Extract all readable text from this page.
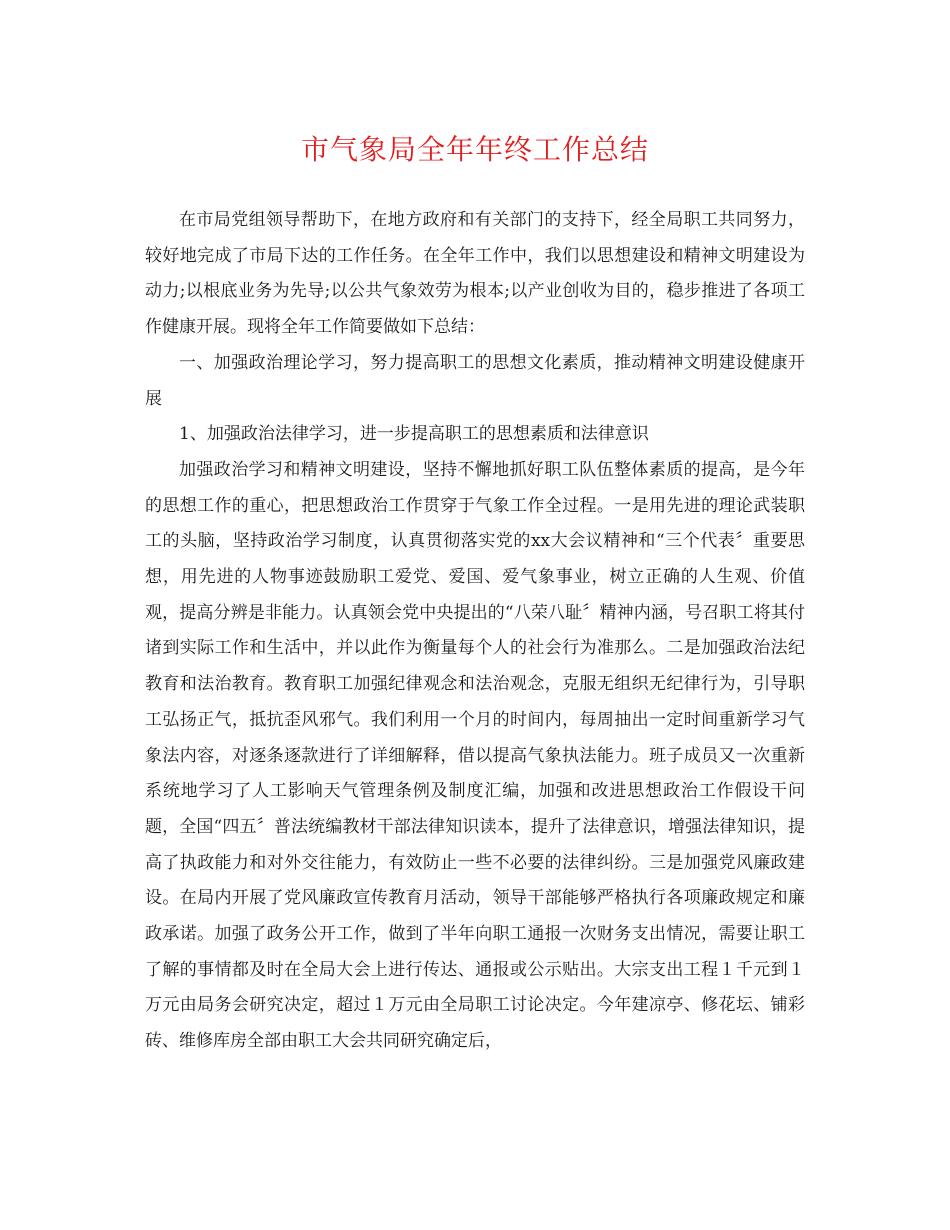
市气象局全年年终工作总结

在市局党组领导帮助下，在地方政府和有关部门的支持下，经全局职工共同努力，较好地完成了市局下达的工作任务。在全年工作中，我们以思想建设和精神文明建设为动力;以根底业务为先导;以公共气象效劳为根本;以产业创收为目的，稳步推进了各项工作健康开展。现将全年工作简要做如下总结：

一、加强政治理论学习，努力提高职工的思想文化素质，推动精神文明建设健康开展

1、加强政治法律学习，进一步提高职工的思想素质和法律意识

加强政治学习和精神文明建设，坚持不懈地抓好职工队伍整体素质的提高，是今年的思想工作的重心，把思想政治工作贯穿于气象工作全过程。一是用先进的理论武装职工的头脑，坚持政治学习制度，认真贯彻落实党的xx大会议精神和“三个代表〞重要思想，用先进的人物事迹鼓励职工爱党、爱国、爱气象事业，树立正确的人生观、价值观，提高分辨是非能力。认真领会党中央提出的“八荣八耻〞精神内涵，号召职工将其付诸到实际工作和生活中，并以此作为衡量每个人的社会行为准那么。二是加强政治法纪教育和法治教育。教育职工加强纪律观念和法治观念，克服无组织无纪律行为，引导职工弘扬正气，抵抗歪风邪气。我们利用一个月的时间内，每周抽出一定时间重新学习气象法内容，对逐条逐款进行了详细解释，借以提高气象执法能力。班子成员又一次重新系统地学习了人工影响天气管理条例及制度汇编，加强和改进思想政治工作假设干问题，全国“四五〞普法统编教材干部法律知识读本，提升了法律意识，增强法律知识，提高了执政能力和对外交往能力，有效防止一些不必要的法律纠纷。三是加强党风廉政建设。在局内开展了党风廉政宣传教育月活动，领导干部能够严格执行各项廉政规定和廉政承诺。加强了政务公开工作，做到了半年向职工通报一次财务支出情况，需要让职工了解的事情都及时在全局大会上进行传达、通报或公示贴出。大宗支出工程１千元到１ 万元由局务会研究决定，超过１万元由全局职工讨论决定。今年建凉亭、修花坛、铺彩砖、维修库房全部由职工大会共同研究确定后，
